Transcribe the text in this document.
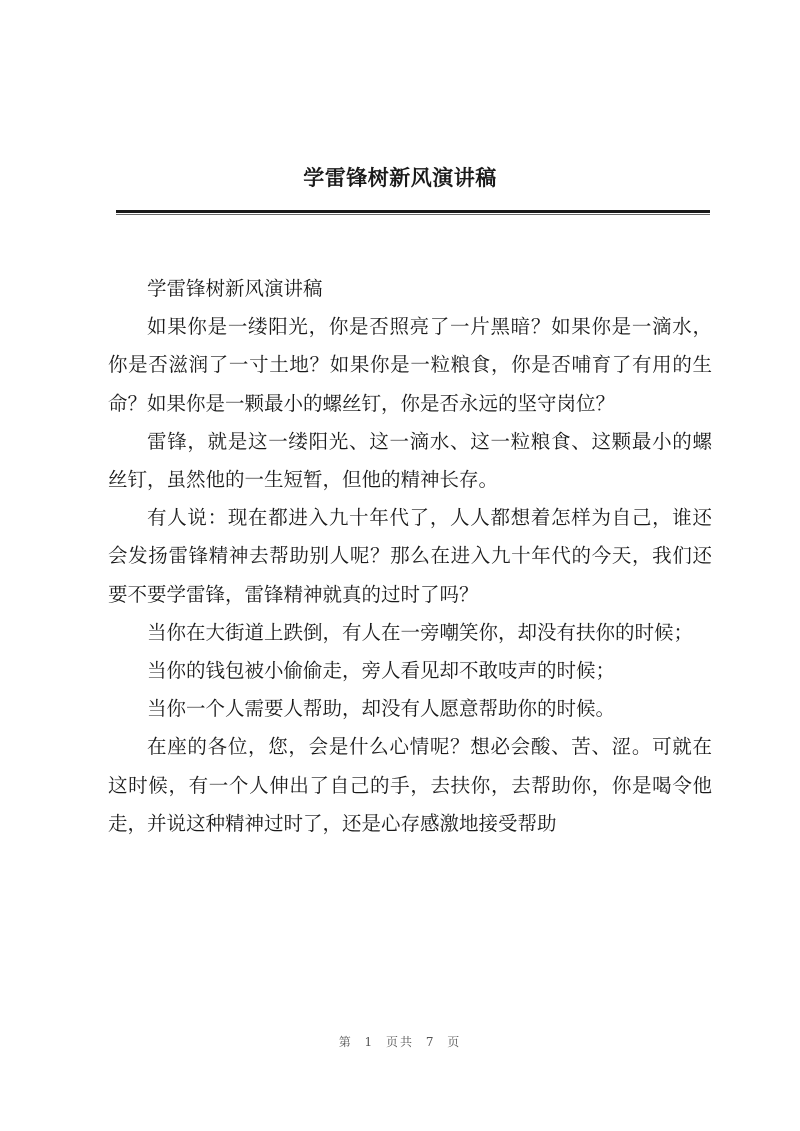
学雷锋树新风演讲稿

学雷锋树新风演讲稿

如果你是一缕阳光，你是否照亮了一片黑暗？如果你是一滴水，你是否滋润了一寸土地？如果你是一粒粮食，你是否哺育了有用的生命？如果你是一颗最小的螺丝钉，你是否永远的坚守岗位？

雷锋，就是这一缕阳光、这一滴水、这一粒粮食、这颗最小的螺丝钉，虽然他的一生短暂，但他的精神长存。

有人说：现在都进入九十年代了，人人都想着怎样为自己，谁还会发扬雷锋精神去帮助别人呢？那么在进入九十年代的今天，我们还要不要学雷锋，雷锋精神就真的过时了吗？

当你在大街道上跌倒，有人在一旁嘲笑你，却没有扶你的时候；

当你的钱包被小偷偷走，旁人看见却不敢吱声的时候；

当你一个人需要人帮助，却没有人愿意帮助你的时候。

在座的各位，您，会是什么心情呢？想必会酸、苦、涩。可就在这时候，有一个人伸出了自己的手，去扶你，去帮助你，你是喝令他走，并说这种精神过时了，还是心存感激地接受帮助

第 1 页共 7 页
